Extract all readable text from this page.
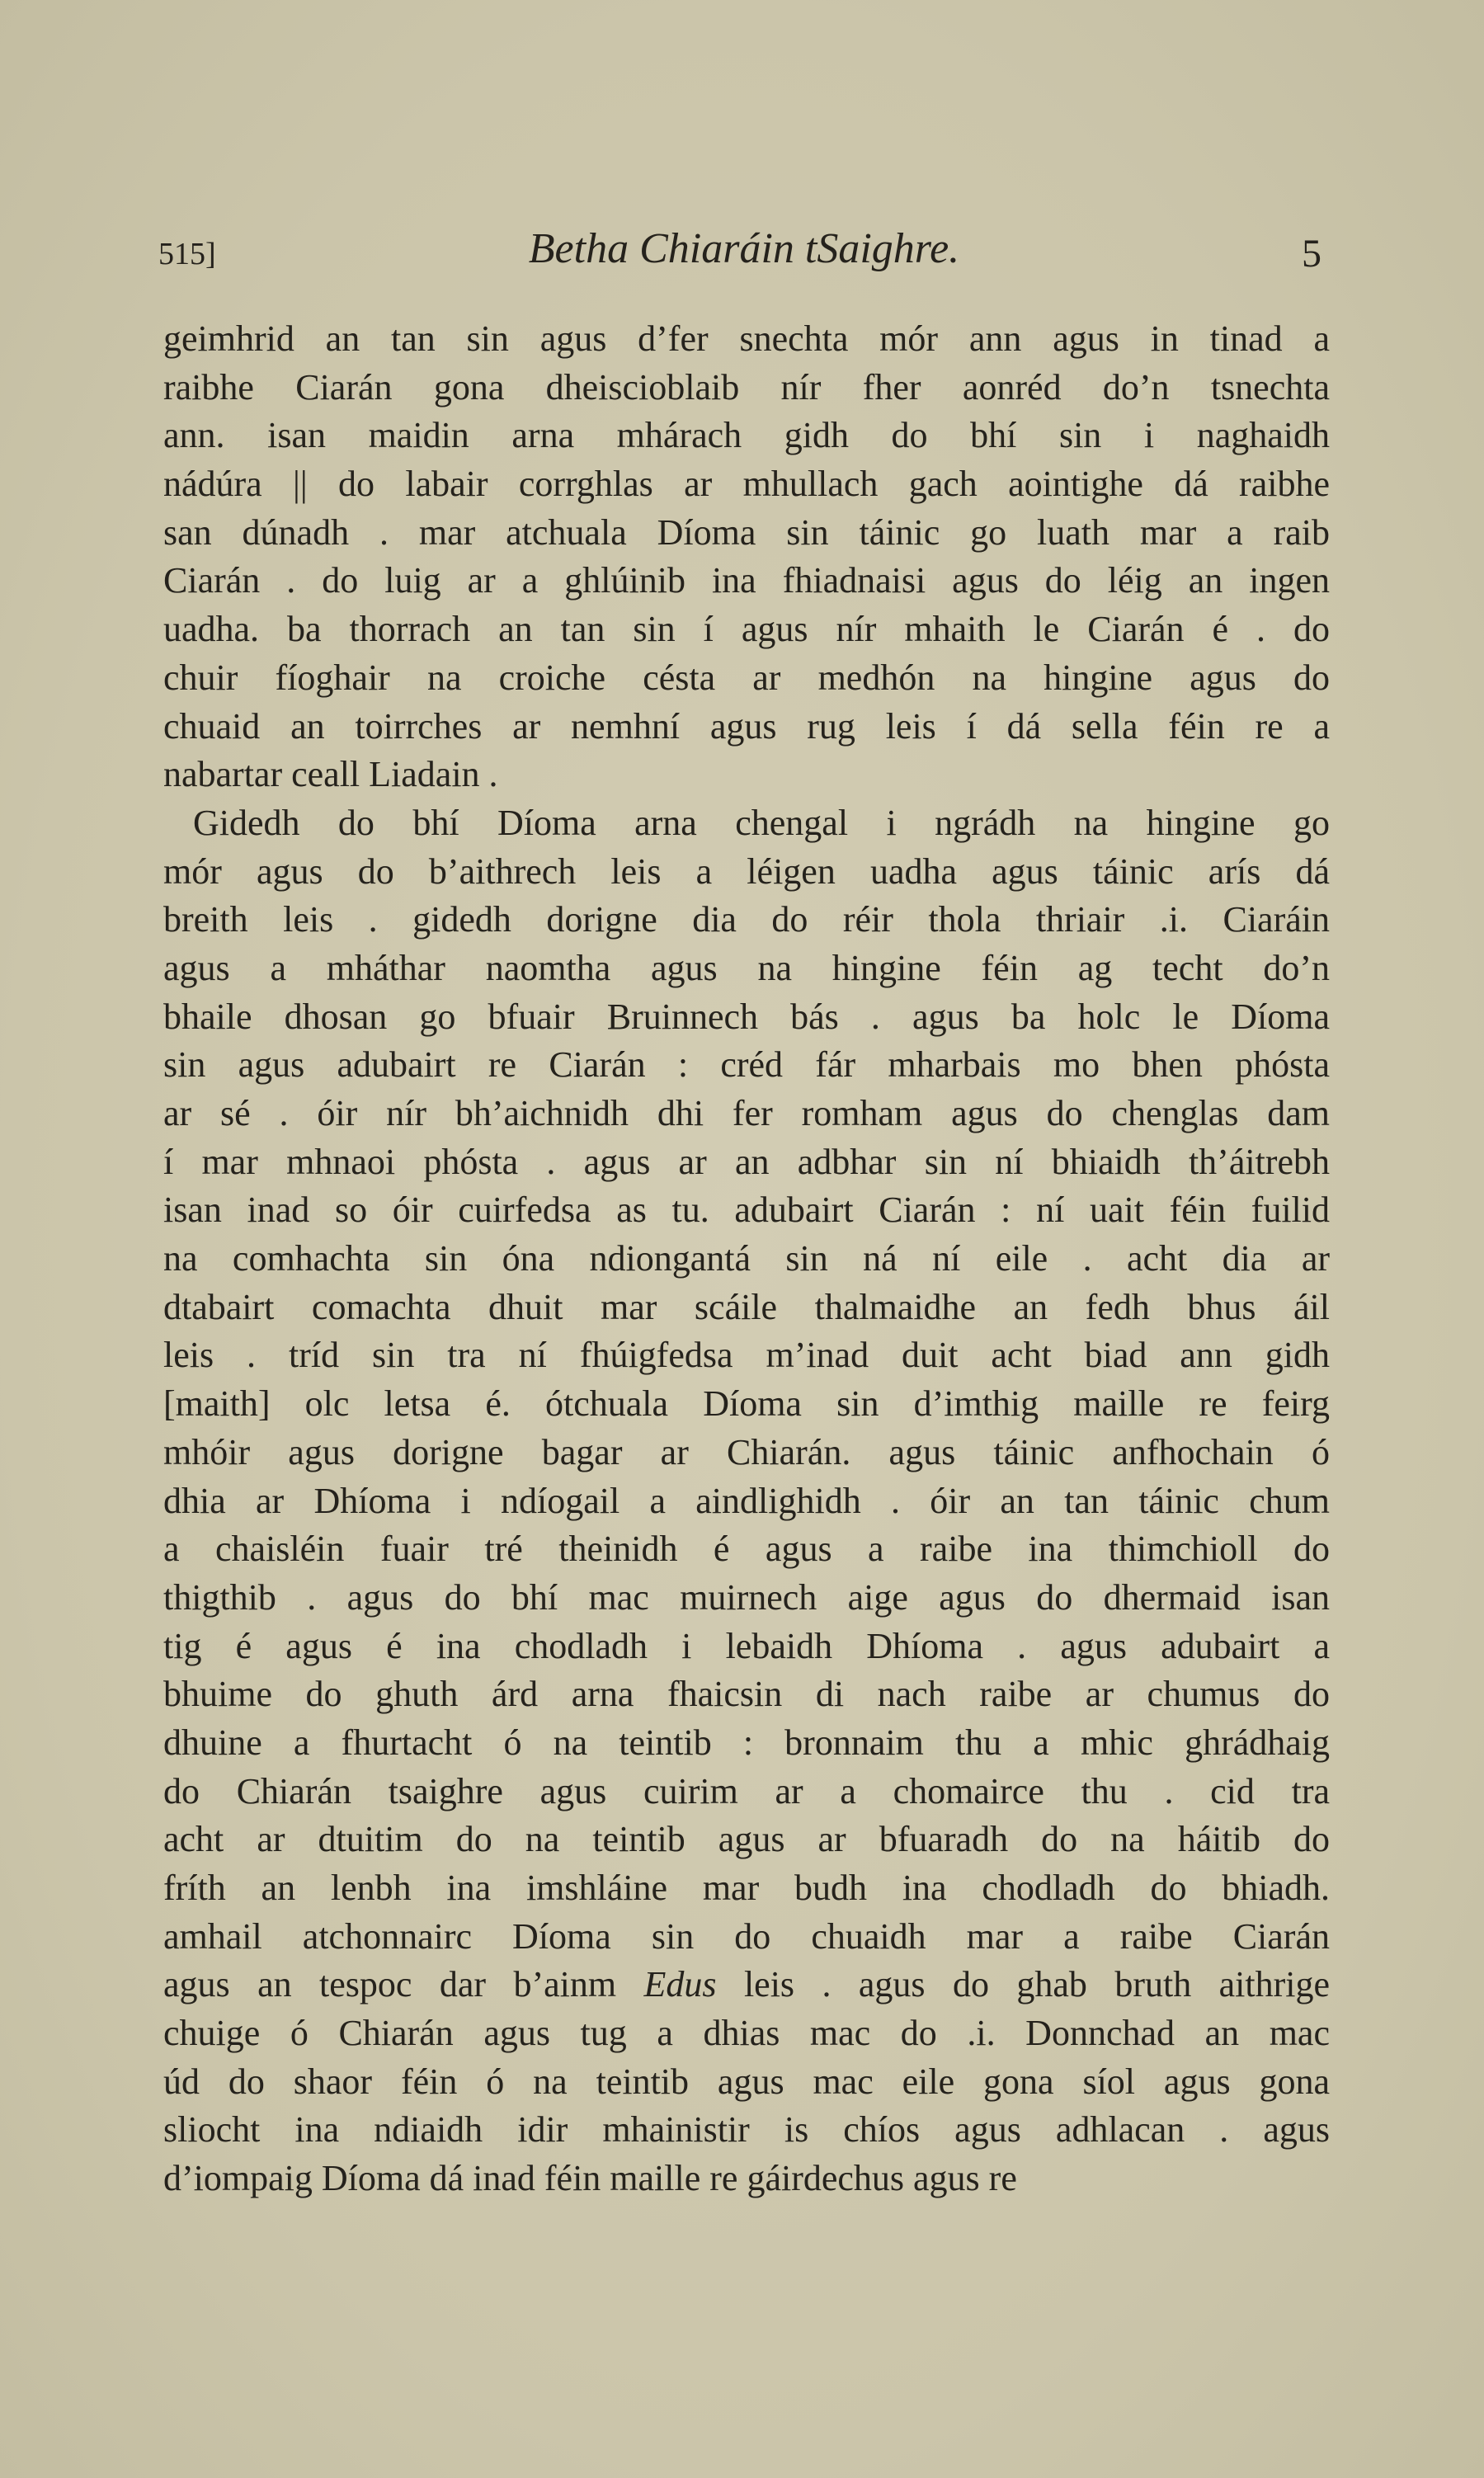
515]	Betha Chiaráin tSaighre.	5
geimhrid an tan sin agus d’fer snechta mór ann agus in tinad a
raibhe Ciarán gona dheiscioblaib nír fher aonréd do’n tsnechta
ann. isan maidin arna mhárach gidh do bhí sin i naghaidh
nádúra || do labair corrghlas ar mhullach gach aointighe dá raibhe
san dúnadh . mar atchuala Díoma sin táinic go luath mar a raib
Ciarán . do luig ar a ghlúinib ina fhiadnaisi agus do léig an ingen
uadha. ba thorrach an tan sin í agus nír mhaith le Ciarán é . do
chuir fíoghair na croiche césta ar medhón na hingine agus do
chuaid an toirrches ar nemhní agus rug leis í dá sella féin re a
nabartar ceall Liadain .
Gidedh do bhí Díoma arna chengal i ngrádh na hingine go
mór agus do b’aithrech leis a léigen uadha agus táinic arís dá
breith leis . gidedh dorigne dia do réir thola thriair .i. Ciaráin
agus a mháthar naomtha agus na hingine féin ag techt do’n
bhaile dhosan go bfuair Bruinnech bás . agus ba holc le Díoma
sin agus adubairt re Ciarán : créd fár mharbais mo bhen phósta
ar sé . óir nír bh’aichnidh dhi fer romham agus do chenglas dam
í mar mhnaoi phósta . agus ar an adbhar sin ní bhiaidh th’áitrebh
isan inad so óir cuirfedsa as tu. adubairt Ciarán : ní uait féin fuilid
na comhachta sin óna ndiongantá sin ná ní eile . acht dia ar
dtabairt comachta dhuit mar scáile thalmaidhe an fedh bhus áil
leis . tríd sin tra ní fhúigfedsa m’inad duit acht biad ann gidh
[maith] olc letsa é. ótchuala Díoma sin d’imthig maille re feirg
mhóir agus dorigne bagar ar Chiarán. agus táinic anfhochain ó
dhia ar Dhíoma i ndíogail a aindlighidh . óir an tan táinic chum
a chaisléin fuair tré theinidh é agus a raibe ina thimchioll do
thigthib . agus do bhí mac muirnech aige agus do dhermaid isan
tig é agus é ina chodladh i lebaidh Dhíoma . agus adubairt a
bhuime do ghuth árd arna fhaicsin di nach raibe ar chumus do
dhuine a fhurtacht ó na teintib : bronnaim thu a mhic ghrádhaig
do Chiarán tsaighre agus cuirim ar a chomairce thu . cid tra
acht ar dtuitim do na teintib agus ar bfuaradh do na háitib do
fríth an lenbh ina imshláine mar budh ina chodladh do bhiadh.
amhail atchonnairc Díoma sin do chuaidh mar a raibe Ciarán
agus an tespoc dar b’ainm Edus leis . agus do ghab bruth aithrige
chuige ó Chiarán agus tug a dhias mac do .i. Donnchad an mac
úd do shaor féin ó na teintib agus mac eile gona síol agus gona
sliocht ina ndiaidh idir mhainistir is chíos agus adhlacan . agus
d’iompaig Díoma dá inad féin maille re gáirdechus agus re
